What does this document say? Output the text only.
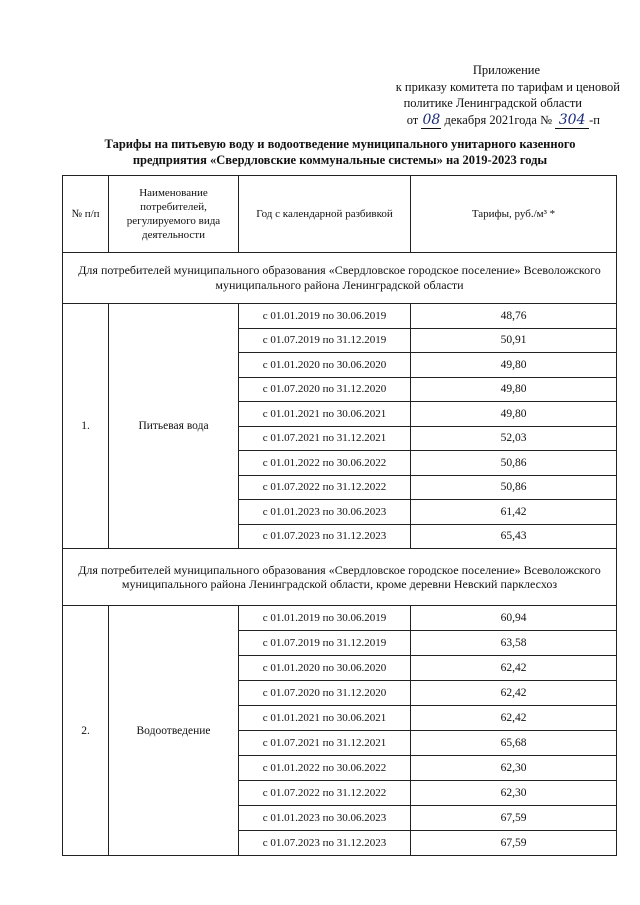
Приложение
к приказу комитета по тарифам и ценовой
политике Ленинградской области
от 08 декабря 2021года № 304 -п
Тарифы на питьевую воду и водоотведение муниципального унитарного казенного
предприятия «Свердловские коммунальные системы» на 2019-2023 годы
№ п/п	Наименование потребителей, регулируемого вида деятельности	Год с календарной разбивкой	Тарифы, руб./м³ *
Для потребителей муниципального образования «Свердловское городское поселение» Всеволожского муниципального района Ленинградской области			
1.	Питьевая вода	с 01.01.2019 по 30.06.2019	48,76
		с 01.07.2019 по 31.12.2019	50,91
		с 01.01.2020 по 30.06.2020	49,80
		с 01.07.2020 по 31.12.2020	49,80
		с 01.01.2021 по 30.06.2021	49,80
		с 01.07.2021 по 31.12.2021	52,03
		с 01.01.2022 по 30.06.2022	50,86
		с 01.07.2022 по 31.12.2022	50,86
		с 01.01.2023 по 30.06.2023	61,42
		с 01.07.2023 по 31.12.2023	65,43
Для потребителей муниципального образования «Свердловское городское поселение» Всеволожского муниципального района Ленинградской области, кроме деревни Невский парклесхоз			
2.	Водоотведение	с 01.01.2019 по 30.06.2019	60,94
		с 01.07.2019 по 31.12.2019	63,58
		с 01.01.2020 по 30.06.2020	62,42
		с 01.07.2020 по 31.12.2020	62,42
		с 01.01.2021 по 30.06.2021	62,42
		с 01.07.2021 по 31.12.2021	65,68
		с 01.01.2022 по 30.06.2022	62,30
		с 01.07.2022 по 31.12.2022	62,30
		с 01.01.2023 по 30.06.2023	67,59
		с 01.07.2023 по 31.12.2023	67,59
